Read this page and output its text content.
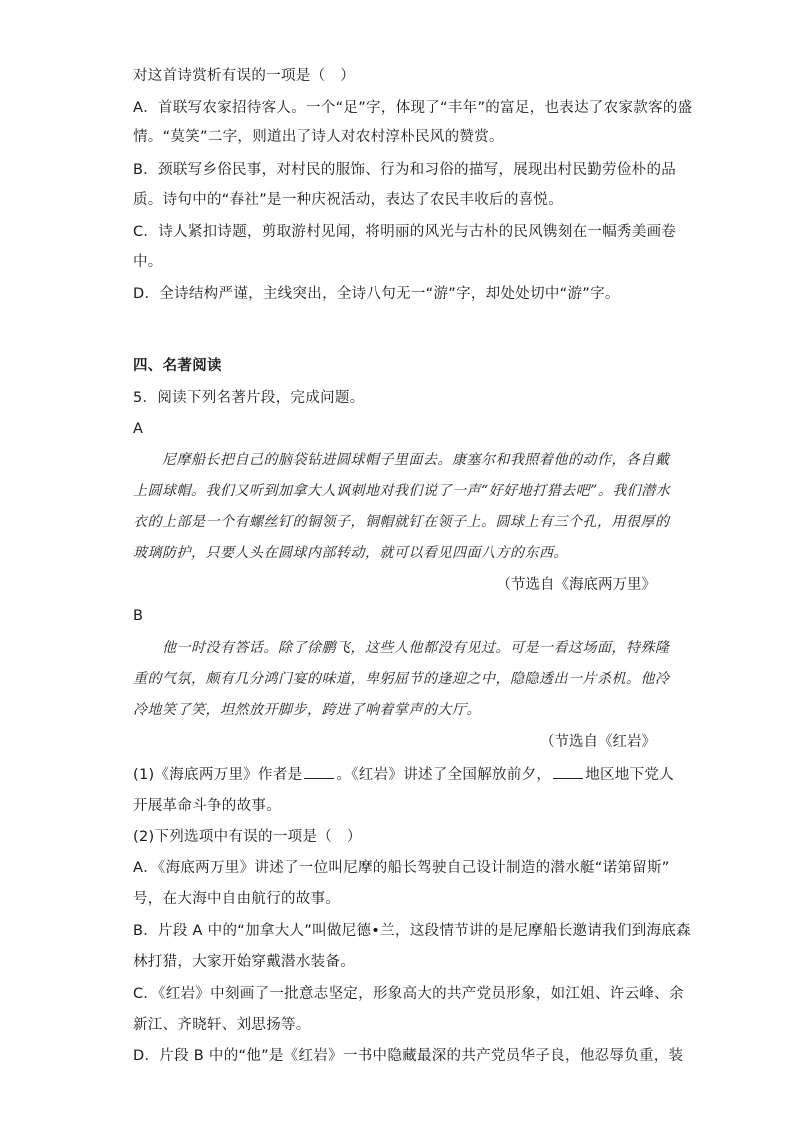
对这首诗赏析有误的一项是（　）
A．首联写农家招待客人。一个“足”字，体现了“丰年”的富足，也表达了农家款客的盛
情。“莫笑”二字，则道出了诗人对农村淳朴民风的赞赏。
B．颈联写乡俗民事，对村民的服饰、行为和习俗的描写，展现出村民勤劳俭朴的品
质。诗句中的“春社”是一种庆祝活动，表达了农民丰收后的喜悦。
C．诗人紧扣诗题，剪取游村见闻，将明丽的风光与古朴的民风镌刻在一幅秀美画卷
中。
D．全诗结构严谨，主线突出，全诗八句无一“游”字，却处处切中“游”字。
四、名著阅读
5．阅读下列名著片段，完成问题。
A
　　尼摩船长把自己的脑袋钻进圆球帽子里面去。康塞尔和我照着他的动作，各自戴
上圆球帽。我们又听到加拿大人讽刺地对我们说了一声“好好地打猎去吧”。我们潜水
衣的上部是一个有螺丝钉的铜领子，铜帽就钉在领子上。圆球上有三个孔，用很厚的
玻璃防护，只要人头在圆球内部转动，就可以看见四面八方的东西。
（节选自《海底两万里》
B
　　他一时没有答话。除了徐鹏飞，这些人他都没有见过。可是一看这场面，特殊隆
重的气氛，颇有几分鸿门宴的味道，卑躬屈节的逢迎之中，隐隐透出一片杀机。他冷
冷地笑了笑，坦然放开脚步，跨进了响着掌声的大厅。
（节选自《红岩》
(1)《海底两万里》作者是 。《红岩》讲述了全国解放前夕， 地区地下党人
开展革命斗争的故事。
(2)下列选项中有误的一项是（　）
A．《海底两万里》讲述了一位叫尼摩的船长驾驶自己设计制造的潜水艇“诺第留斯”
号，在大海中自由航行的故事。
B．片段 A 中的“加拿大人”叫做尼德•兰，这段情节讲的是尼摩船长邀请我们到海底森
林打猎，大家开始穿戴潜水装备。
C．《红岩》中刻画了一批意志坚定，形象高大的共产党员形象，如江姐、许云峰、余
新江、齐晓轩、刘思扬等。
D．片段 B 中的“他”是《红岩》一书中隐藏最深的共产党员华子良，他忍辱负重，装
